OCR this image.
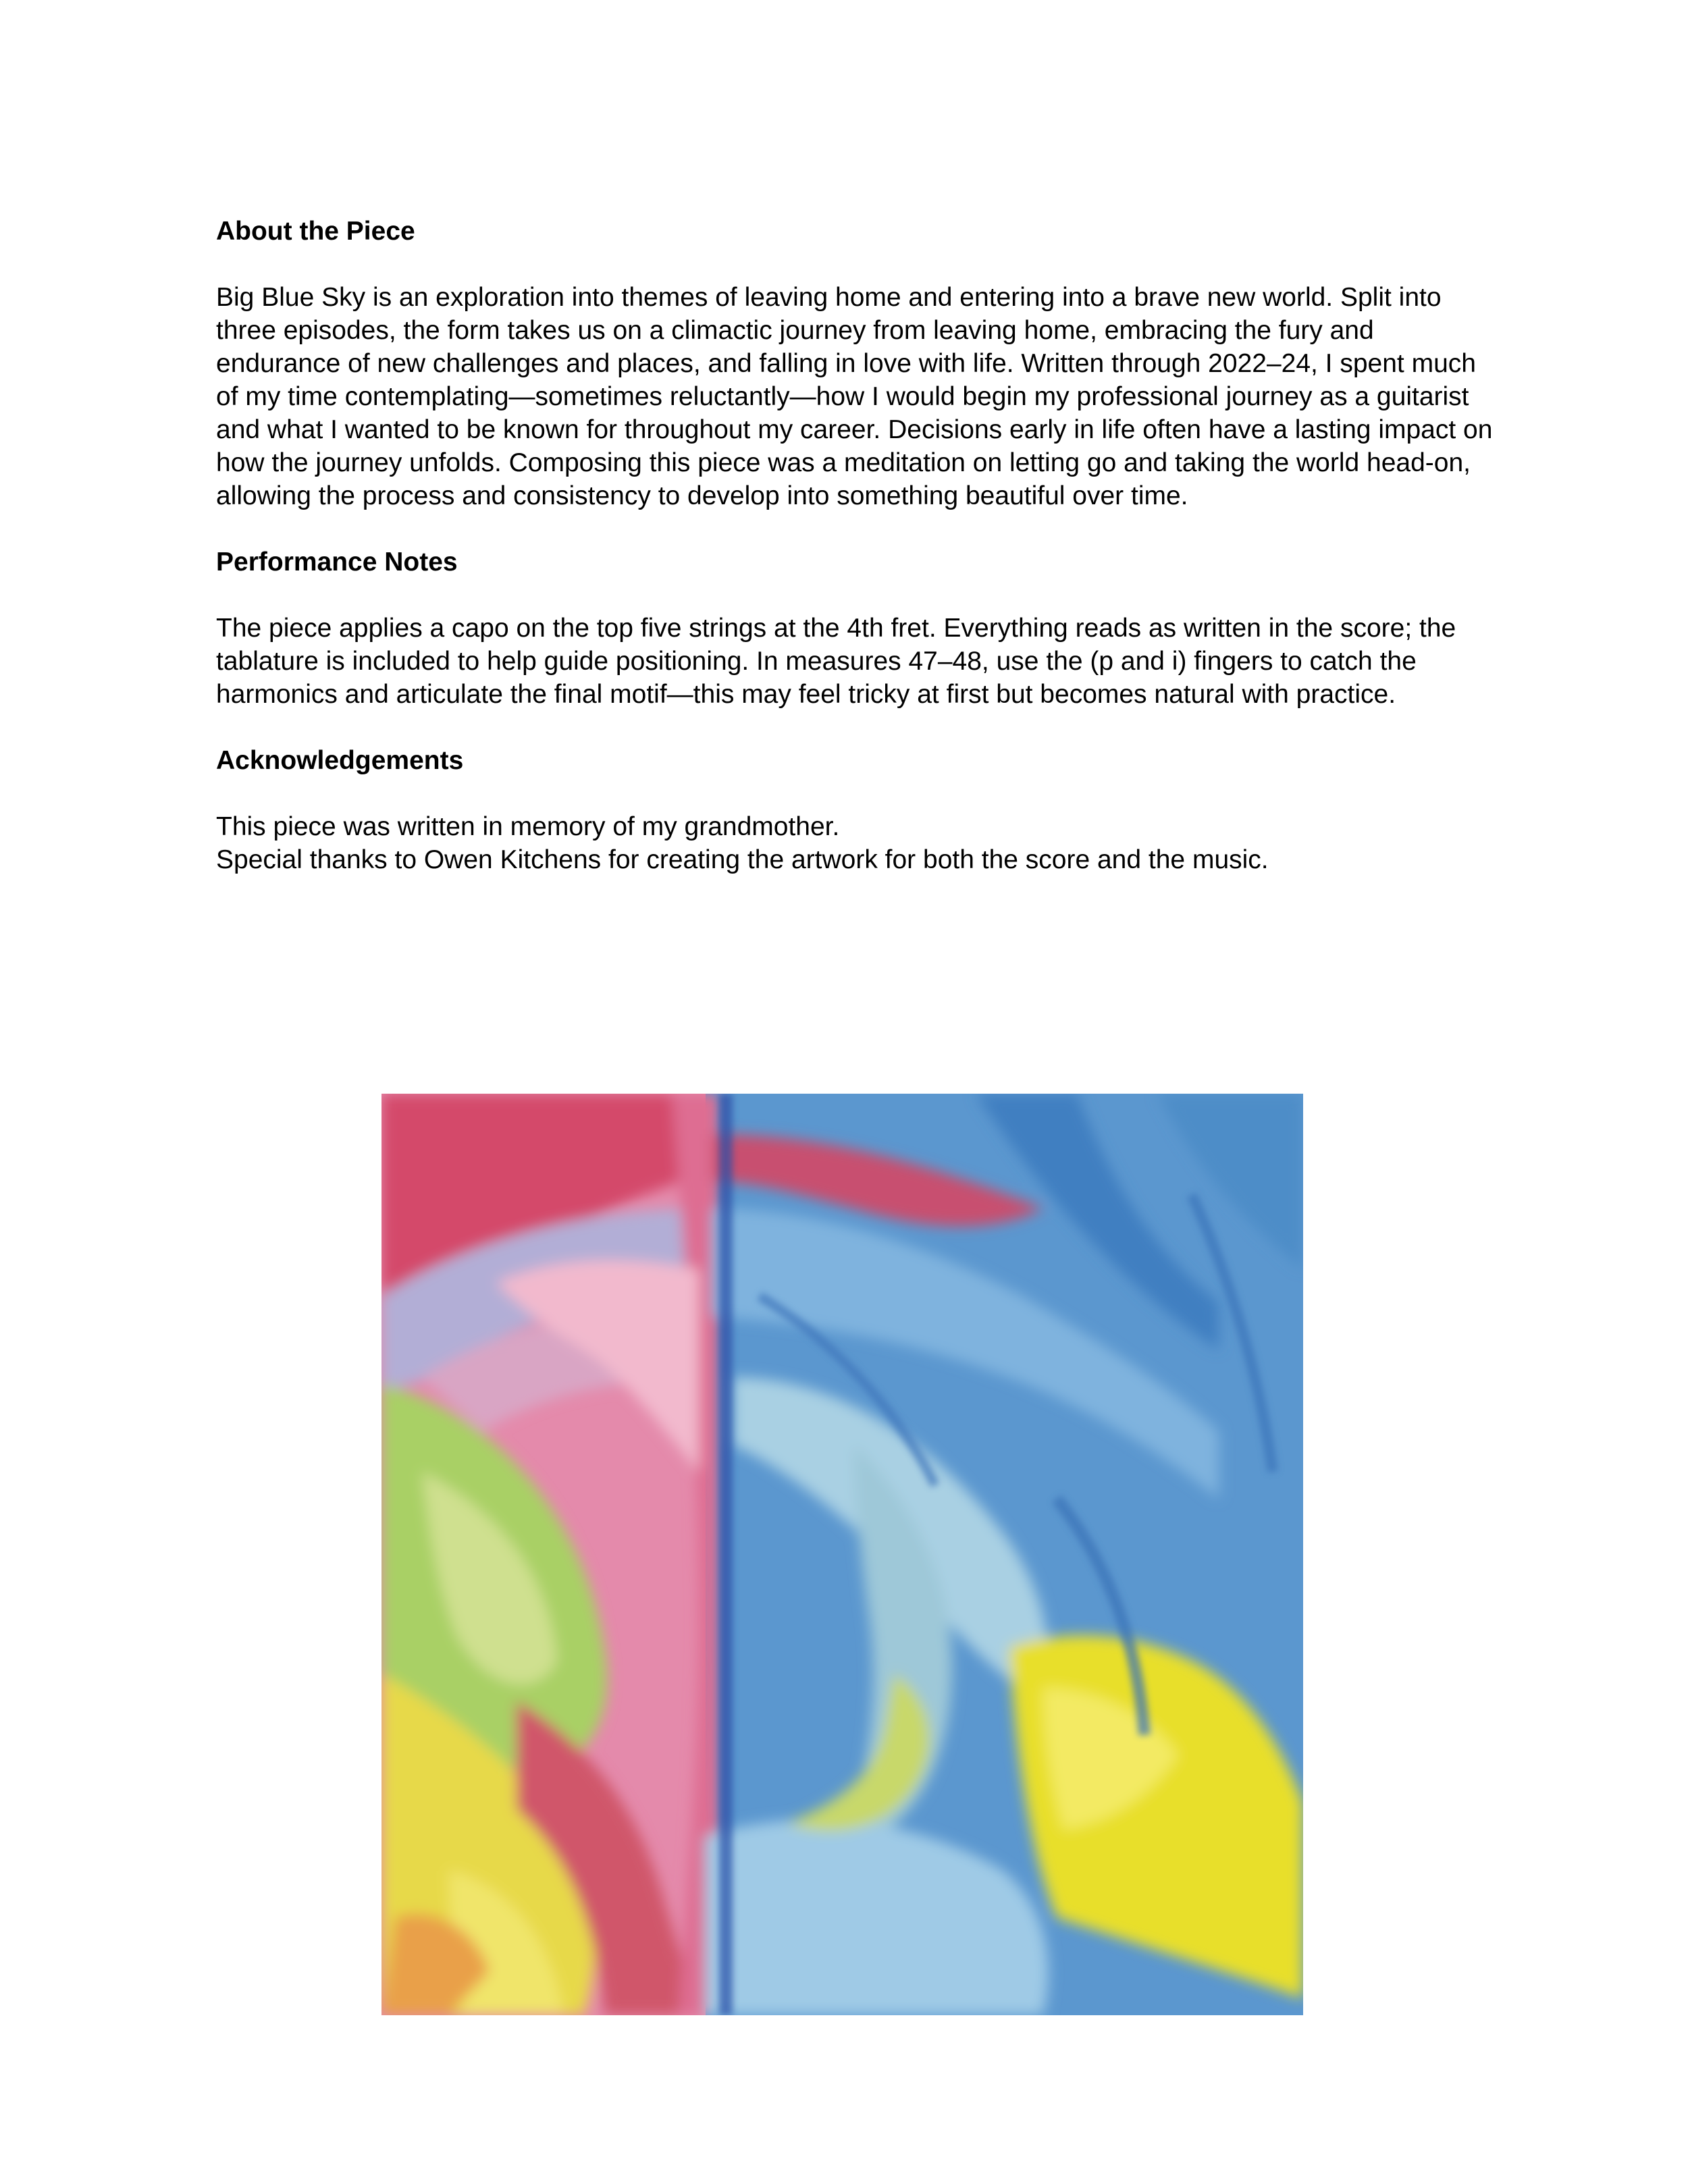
About the Piece

Big Blue Sky is an exploration into themes of leaving home and entering into a brave new world. Split into three episodes, the form takes us on a climactic journey from leaving home, embracing the fury and endurance of new challenges and places, and falling in love with life. Written through 2022–24, I spent much of my time contemplating—sometimes reluctantly—how I would begin my professional journey as a guitarist and what I wanted to be known for throughout my career. Decisions early in life often have a lasting impact on how the journey unfolds. Composing this piece was a meditation on letting go and taking the world head-on, allowing the process and consistency to develop into something beautiful over time.

Performance Notes

The piece applies a capo on the top five strings at the 4th fret. Everything reads as written in the score; the tablature is included to help guide positioning. In measures 47–48, use the (p and i) fingers to catch the harmonics and articulate the final motif—this may feel tricky at first but becomes natural with practice.

Acknowledgements

This piece was written in memory of my grandmother.

Special thanks to Owen Kitchens for creating the artwork for both the score and the music.
